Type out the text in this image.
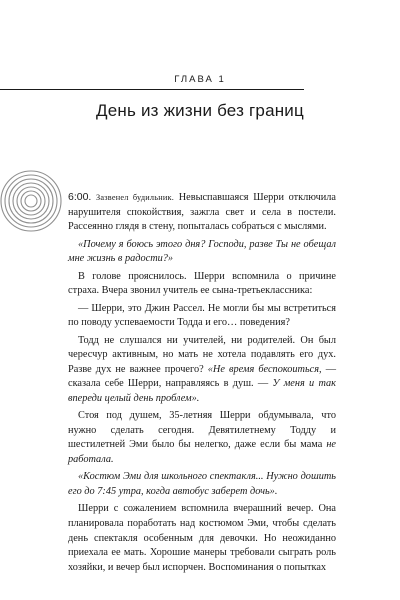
ГЛАВА 1
День из жизни без границ

6:00. Зазвенел будильник. Невыспавшаяся Шерри отключила нарушителя спокойствия, зажгла свет и села в постели. Рассеянно глядя в стену, попыталась собраться с мыслями.

«Почему я боюсь этого дня? Господи, разве Ты не обещал мне жизнь в радости?»

В голове прояснилось. Шерри вспомнила о причине страха. Вчера звонил учитель ее сына-третьеклассника:

— Шерри, это Джин Рассел. Не могли бы мы встретиться по поводу успеваемости Тодда и его… поведения?

Тодд не слушался ни учителей, ни родителей. Он был чересчур активным, но мать не хотела подавлять его дух. Разве дух не важнее прочего? «Не время беспокоиться, — сказала себе Шерри, направляясь в душ. — У меня и так впереди целый день проблем».

Стоя под душем, 35-летняя Шерри обдумывала, что нужно сделать сегодня. Девятилетнему Тодду и шестилетней Эми было бы нелегко, даже если бы мама не работала.

«Костюм Эми для школьного спектакля... Нужно дошить его до 7:45 утра, когда автобус заберет дочь».

Шерри с сожалением вспомнила вчерашний вечер. Она планировала поработать над костюмом Эми, чтобы сделать день спектакля особенным для девочки. Но неожиданно приехала ее мать. Хорошие манеры требовали сыграть роль хозяйки, и вечер был испорчен. Воспоминания о попытках
